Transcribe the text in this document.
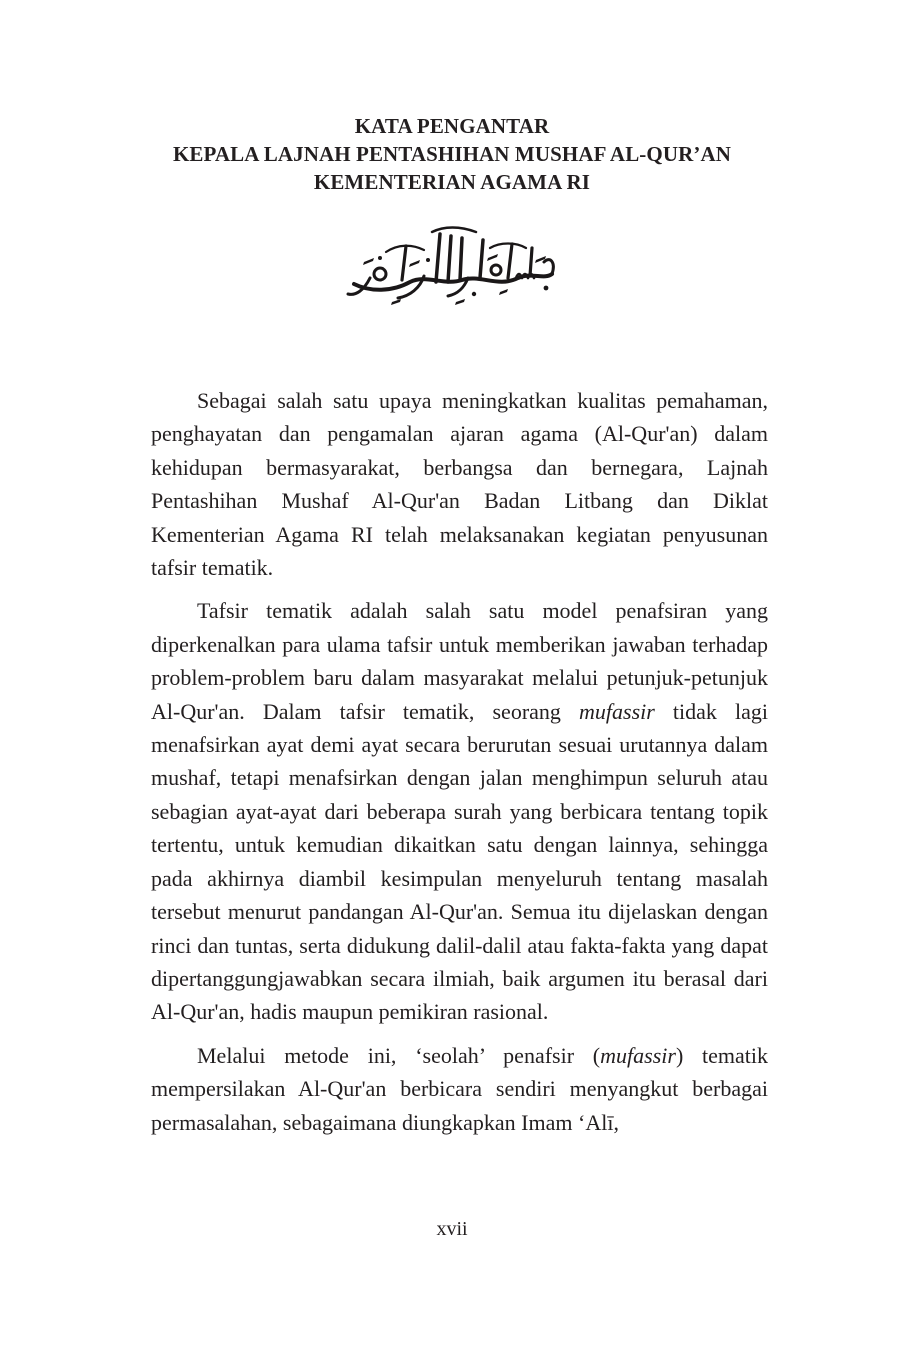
KATA PENGANTAR
KEPALA LAJNAH PENTASHIHAN MUSHAF AL-QUR’AN
KEMENTERIAN AGAMA RI

Sebagai salah satu upaya meningkatkan kualitas pemahaman, penghayatan dan pengamalan ajaran agama (Al-Qur'an) dalam kehidupan bermasyarakat, berbangsa dan bernegara, Lajnah Pentashihan Mushaf Al-Qur'an Badan Litbang dan Diklat Kementerian Agama RI telah melaksanakan kegiatan penyusunan tafsir tematik.

Tafsir tematik adalah salah satu model penafsiran yang diperkenalkan para ulama tafsir untuk memberikan jawaban terhadap problem-problem baru dalam masyarakat melalui petunjuk-petunjuk Al-Qur'an. Dalam tafsir tematik, seorang mufassir tidak lagi menafsirkan ayat demi ayat secara berurutan sesuai urutannya dalam mushaf, tetapi menafsirkan dengan jalan menghimpun seluruh atau sebagian ayat-ayat dari beberapa surah yang berbicara tentang topik tertentu, untuk kemudian dikaitkan satu dengan lainnya, sehingga pada akhirnya diambil kesimpulan menyeluruh tentang masalah tersebut menurut pandangan Al-Qur'an. Semua itu dijelaskan dengan rinci dan tuntas, serta didukung dalil-dalil atau fakta-fakta yang dapat dipertanggungjawabkan secara ilmiah, baik argumen itu berasal dari Al-Qur'an, hadis maupun pemikiran rasional.

Melalui metode ini, ‘seolah’ penafsir (mufassir) tematik mempersilakan Al-Qur'an berbicara sendiri menyangkut berbagai permasalahan, sebagaimana diungkapkan Imam ‘Alī,

xvii
